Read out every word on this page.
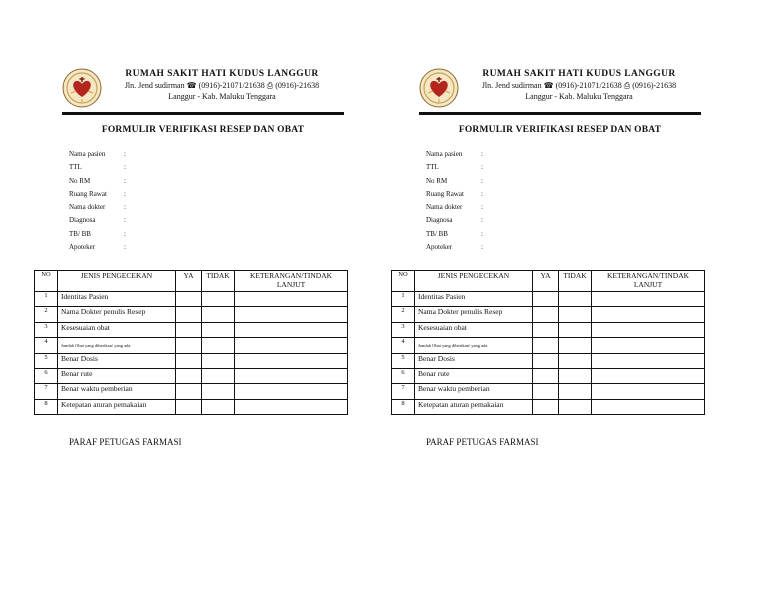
RUMAH SAKIT HATI KUDUS LANGGUR
Jln. Jend sudirman ☎ (0916)-21071/21638 ⎙ (0916)-21638
Langgur - Kab. Maluku Tenggara
FORMULIR VERIFIKASI RESEP DAN OBAT
Nama pasien	:
TTL	:
No RM	:
Ruang Rawat :
Nama dokter	:
Diagnosa	:
TB/ BB	:
Apoteker	:
NO	JENIS PENGECEKAN	YA	TIDAK	KETERANGAN/TINDAK LANJUT
1	Identitas Pasien			
2	Nama Dokter penulis Resep			
3	Kesesuaian obat			
4	Jumlah Obat yang diberikan/ yang ada			
5	Benar Dosis			
6	Benar rute			
7	Benar waktu pemberian			
8	Ketepatan aturan pemakaian			
PARAF PETUGAS FARMASI
RUMAH SAKIT HATI KUDUS LANGGUR
Jln. Jend sudirman ☎ (0916)-21071/21638 ⎙ (0916)-21638
Langgur - Kab. Maluku Tenggara
FORMULIR VERIFIKASI RESEP DAN OBAT
Nama pasien	:
TTL	:
No RM	:
Ruang Rawat :
Nama dokter	:
Diagnosa	:
TB/ BB	:
Apoteker	:
NO	JENIS PENGECEKAN	YA	TIDAK	KETERANGAN/TINDAK LANJUT
1	Identitas Pasien			
2	Nama Dokter penulis Resep			
3	Kesesuaian obat			
4	Jumlah Obat yang diberikan/ yang ada			
5	Benar Dosis			
6	Benar rute			
7	Benar waktu pemberian			
8	Ketepatan aturan pemakaian			
PARAF PETUGAS FARMASI
